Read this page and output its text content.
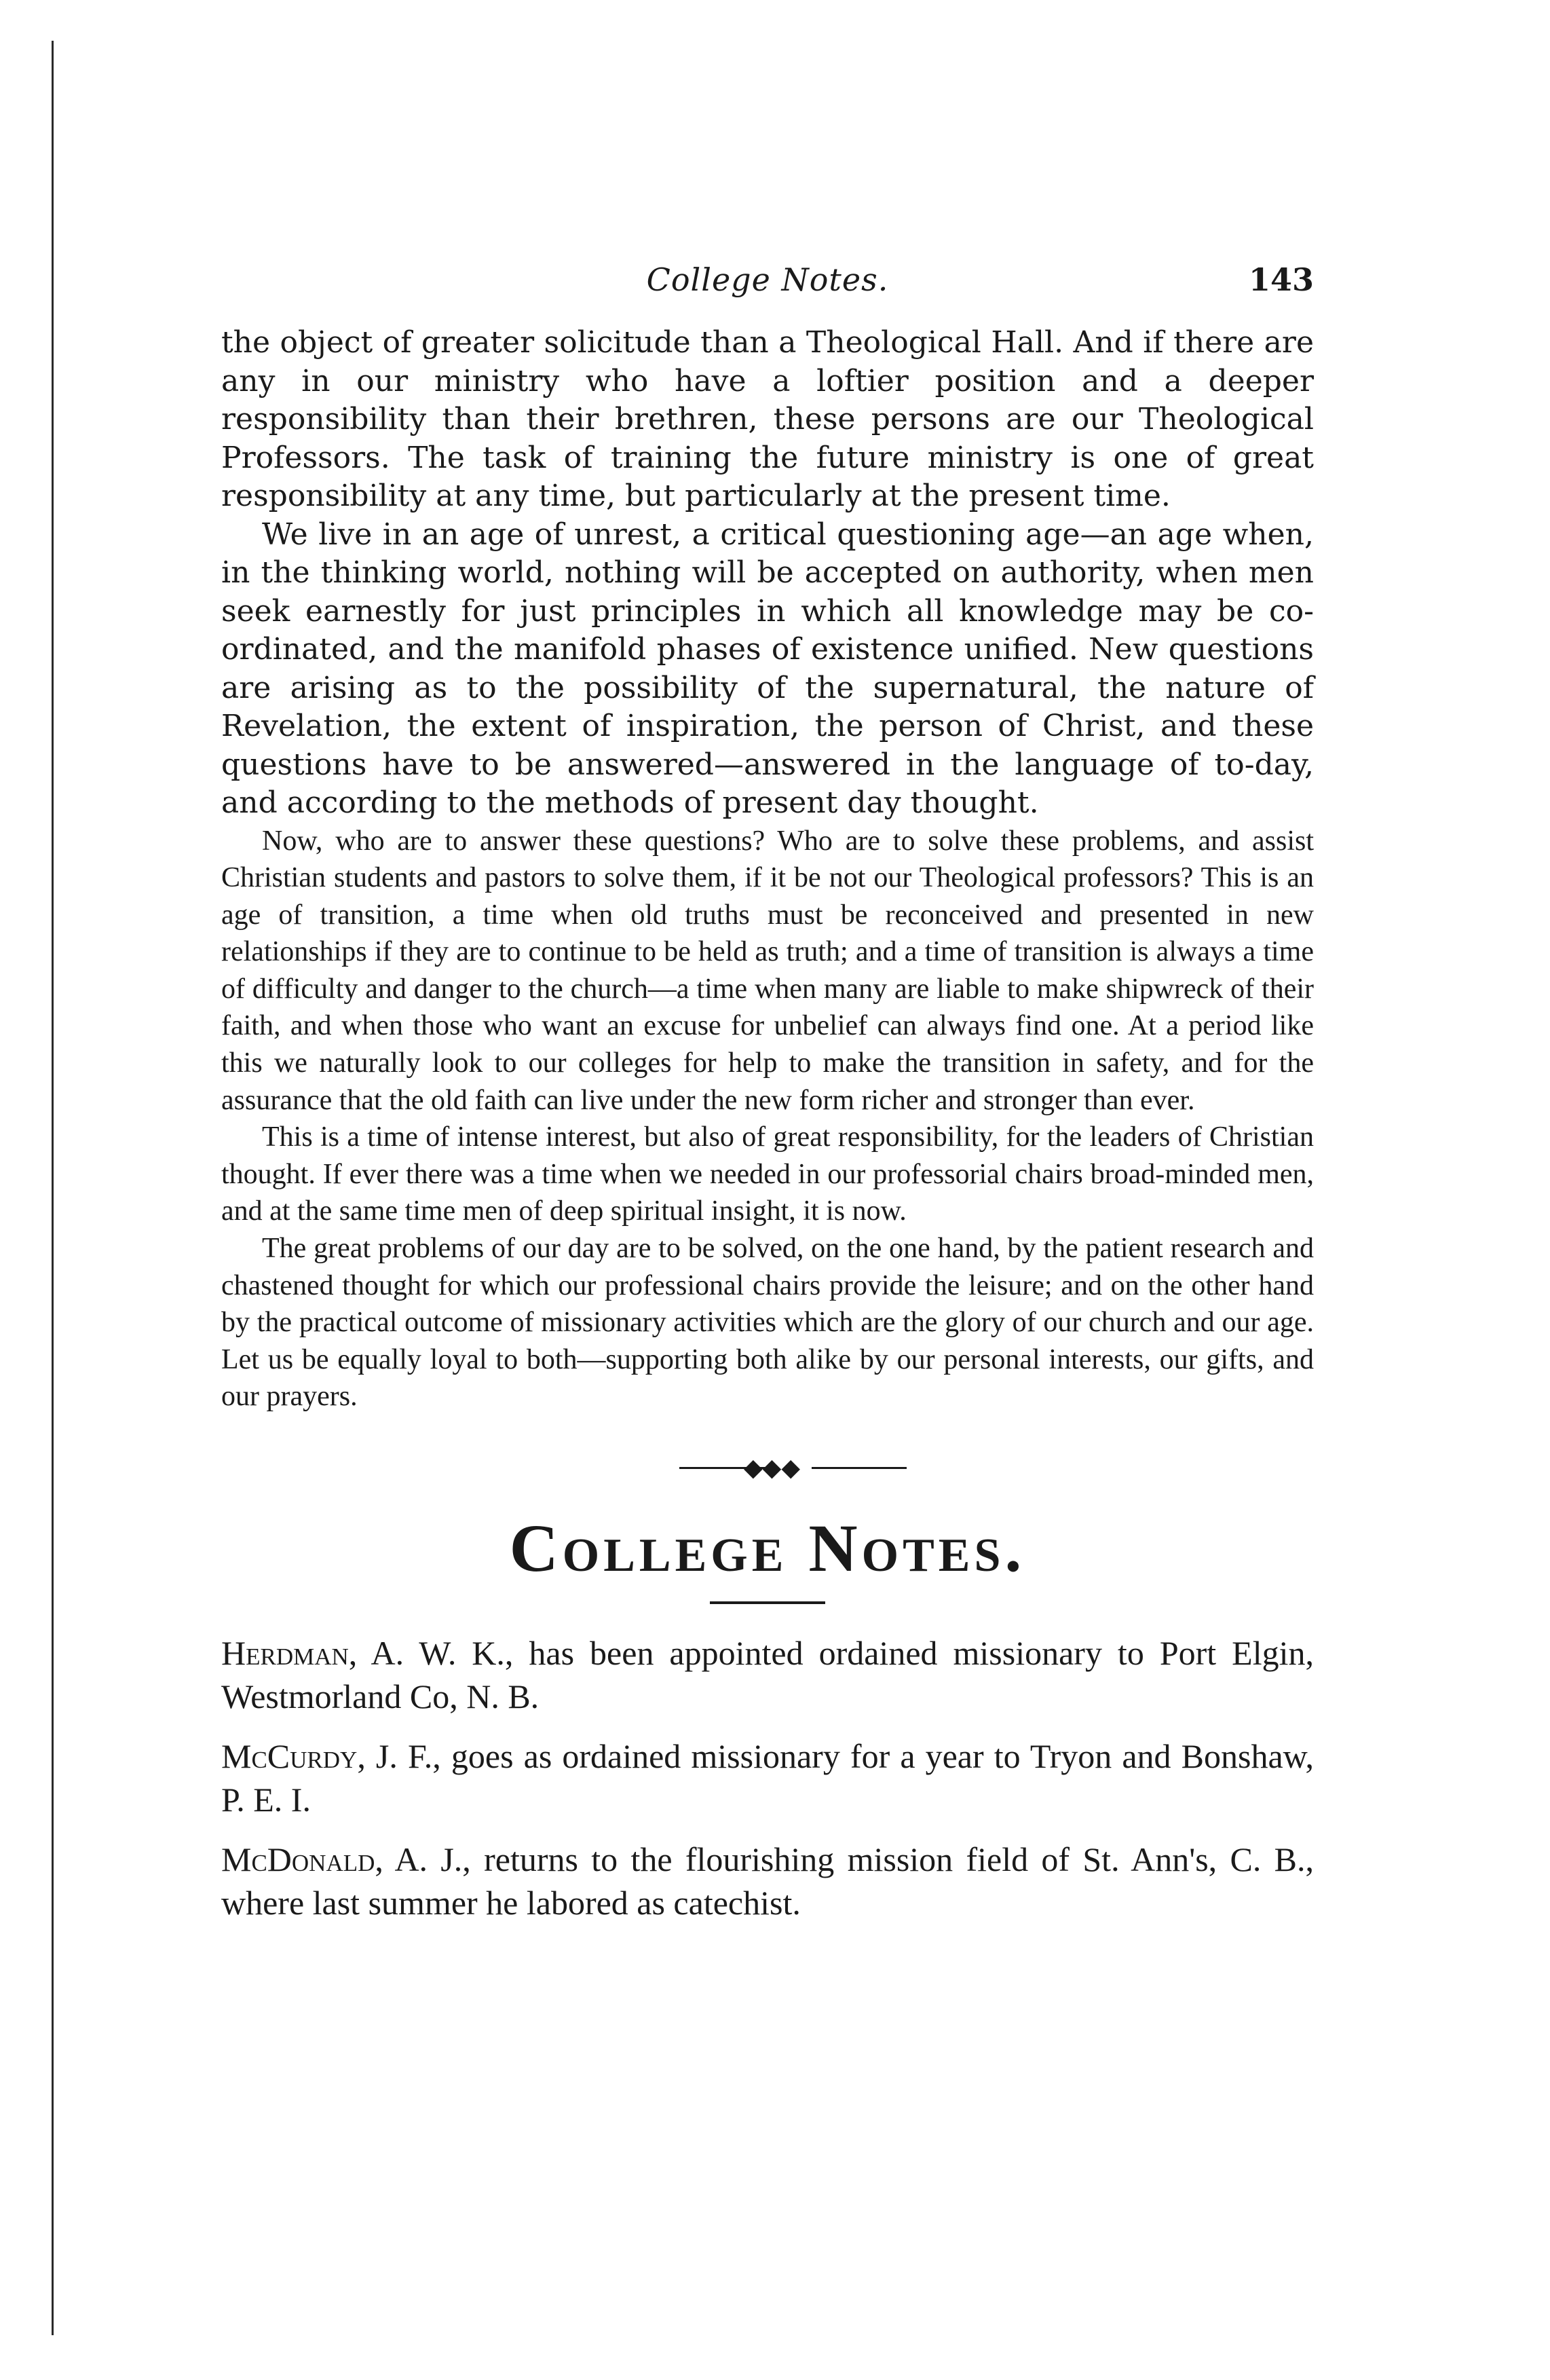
College Notes.	143

the object of greater solicitude than a Theological Hall. And if there are any in our ministry who have a loftier position and a deeper responsibility than their brethren, these persons are our Theological Professors. The task of training the future ministry is one of great responsibility at any time, but particularly at the present time.

We live in an age of unrest, a critical questioning age—an age when, in the thinking world, nothing will be accepted on authority, when men seek earnestly for just principles in which all knowledge may be co-ordinated, and the manifold phases of existence unified. New questions are arising as to the possibility of the supernatural, the nature of Revelation, the extent of inspiration, the person of Christ, and these questions have to be answered—answered in the language of to-day, and according to the methods of present day thought.

Now, who are to answer these questions? Who are to solve these problems, and assist Christian students and pastors to solve them, if it be not our Theological professors? This is an age of transition, a time when old truths must be reconceived and presented in new relationships if they are to continue to be held as truth; and a time of transition is always a time of difficulty and danger to the church—a time when many are liable to make shipwreck of their faith, and when those who want an excuse for unbelief can always find one. At a period like this we naturally look to our colleges for help to make the transition in safety, and for the assurance that the old faith can live under the new form richer and stronger than ever.

This is a time of intense interest, but also of great responsibility, for the leaders of Christian thought. If ever there was a time when we needed in our professorial chairs broad-minded men, and at the same time men of deep spiritual insight, it is now.

The great problems of our day are to be solved, on the one hand, by the patient research and chastened thought for which our professional chairs provide the leisure; and on the other hand by the practical outcome of missionary activities which are the glory of our church and our age. Let us be equally loyal to both—supporting both alike by our personal interests, our gifts, and our prayers.

◆◆◆
College Notes.

Herdman, A. W. K., has been appointed ordained missionary to Port Elgin, Westmorland Co, N. B.

McCurdy, J. F., goes as ordained missionary for a year to Tryon and Bonshaw, P. E. I.

McDonald, A. J., returns to the flourishing mission field of St. Ann's, C. B., where last summer he labored as catechist.
